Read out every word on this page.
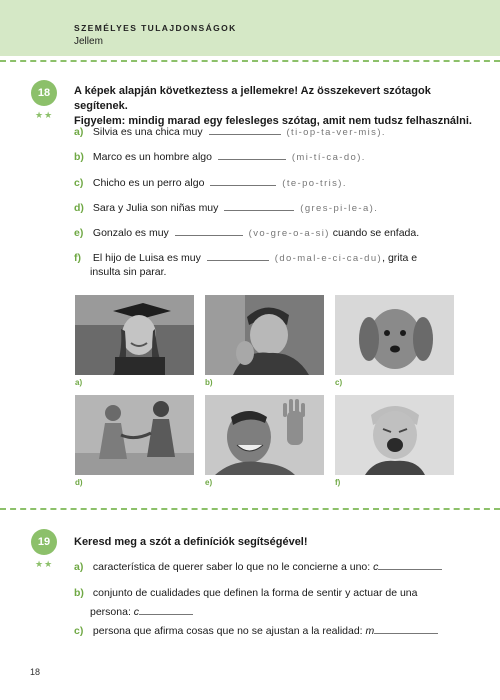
SZEMÉLYES TULAJDONSÁGOK
Jellem
18
★★
A képek alapján következtess a jellemekre! Az összekevert szótagok segítenek.
Figyelem: mindig marad egy felesleges szótag, amit nem tudsz felhasználni.
a) Silvia es una chica muy	(ti-op-ta-ver-mis).
b) Marco es un hombre algo	(mi-tí-ca-do).
c) Chicho es un perro algo	(te-po-tris).
d) Sara y Julia son niñas muy	(gres-pi-le-a).
e) Gonzalo es muy	(vo-gre-o-a-si) cuando se enfada.
f) El hijo de Luisa es muy	(do-mal-e-ci-ca-du), grita e
insulta sin parar.
a)	b)	c)
d)	e)	f)
19
★★
Keresd meg a szót a definíciók segítségével!
a) característica de querer saber lo que no le concierne a uno: c
b) conjunto de cualidades que definen la forma de sentir y actuar de una
persona: c
c) persona que afirma cosas que no se ajustan a la realidad: m
18
